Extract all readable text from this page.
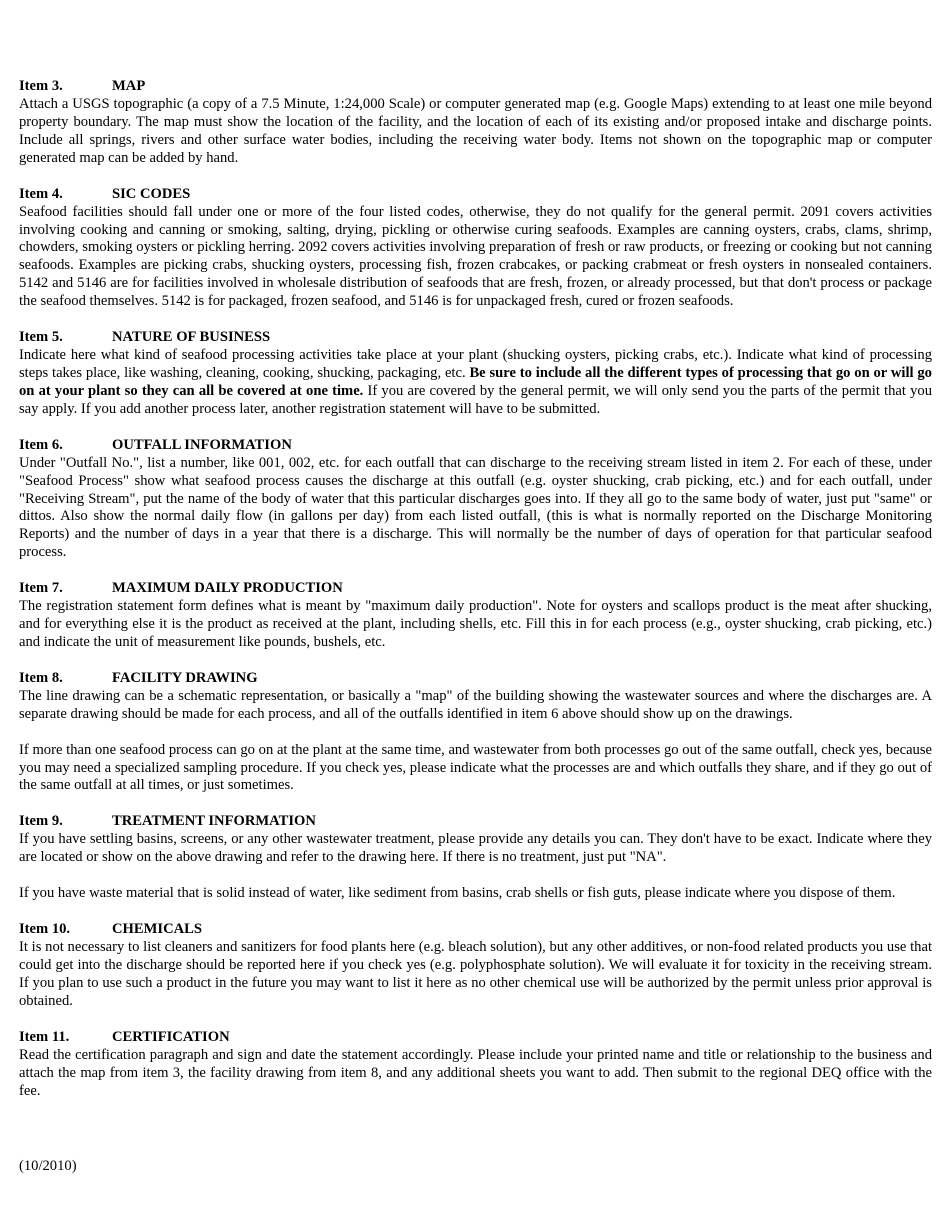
Item 3.	MAP

Attach a USGS topographic (a copy of a 7.5 Minute, 1:24,000 Scale) or computer generated map (e.g. Google Maps) extending to at least one mile beyond property boundary. The map must show the location of the facility, and the location of each of its existing and/or proposed intake and discharge points. Include all springs, rivers and other surface water bodies, including the receiving water body. Items not shown on the topographic map or computer generated map can be added by hand.

Item 4.	SIC CODES

Seafood facilities should fall under one or more of the four listed codes, otherwise, they do not qualify for the general permit. 2091 covers activities involving cooking and canning or smoking, salting, drying, pickling or otherwise curing seafoods. Examples are canning oysters, crabs, clams, shrimp, chowders, smoking oysters or pickling herring. 2092 covers activities involving preparation of fresh or raw products, or freezing or cooking but not canning seafoods. Examples are picking crabs, shucking oysters, processing fish, frozen crabcakes, or packing crabmeat or fresh oysters in nonsealed containers. 5142 and 5146 are for facilities involved in wholesale distribution of seafoods that are fresh, frozen, or already processed, but that don't process or package the seafood themselves. 5142 is for packaged, frozen seafood, and 5146 is for unpackaged fresh, cured or frozen seafoods.

Item 5.	NATURE OF BUSINESS

Indicate here what kind of seafood processing activities take place at your plant (shucking oysters, picking crabs, etc.). Indicate what kind of processing steps takes place, like washing, cleaning, cooking, shucking, packaging, etc. Be sure to include all the different types of processing that go on or will go on at your plant so they can all be covered at one time. If you are covered by the general permit, we will only send you the parts of the permit that you say apply. If you add another process later, another registration statement will have to be submitted.

Item 6.	OUTFALL INFORMATION

Under "Outfall No.", list a number, like 001, 002, etc. for each outfall that can discharge to the receiving stream listed in item 2. For each of these, under "Seafood Process" show what seafood process causes the discharge at this outfall (e.g. oyster shucking, crab picking, etc.) and for each outfall, under "Receiving Stream", put the name of the body of water that this particular discharges goes into. If they all go to the same body of water, just put "same" or dittos. Also show the normal daily flow (in gallons per day) from each listed outfall, (this is what is normally reported on the Discharge Monitoring Reports) and the number of days in a year that there is a discharge. This will normally be the number of days of operation for that particular seafood process.

Item 7.	MAXIMUM DAILY PRODUCTION

The registration statement form defines what is meant by "maximum daily production". Note for oysters and scallops product is the meat after shucking, and for everything else it is the product as received at the plant, including shells, etc. Fill this in for each process (e.g., oyster shucking, crab picking, etc.) and indicate the unit of measurement like pounds, bushels, etc.

Item 8.	FACILITY DRAWING

The line drawing can be a schematic representation, or basically a "map" of the building showing the wastewater sources and where the discharges are. A separate drawing should be made for each process, and all of the outfalls identified in item 6 above should show up on the drawings.

If more than one seafood process can go on at the plant at the same time, and wastewater from both processes go out of the same outfall, check yes, because you may need a specialized sampling procedure. If you check yes, please indicate what the processes are and which outfalls they share, and if they go out of the same outfall at all times, or just sometimes.

Item 9.	TREATMENT INFORMATION

If you have settling basins, screens, or any other wastewater treatment, please provide any details you can. They don't have to be exact. Indicate where they are located or show on the above drawing and refer to the drawing here. If there is no treatment, just put "NA".

If you have waste material that is solid instead of water, like sediment from basins, crab shells or fish guts, please indicate where you dispose of them.

Item 10.	CHEMICALS

It is not necessary to list cleaners and sanitizers for food plants here (e.g. bleach solution), but any other additives, or non-food related products you use that could get into the discharge should be reported here if you check yes (e.g. polyphosphate solution). We will evaluate it for toxicity in the receiving stream. If you plan to use such a product in the future you may want to list it here as no other chemical use will be authorized by the permit unless prior approval is obtained.

Item 11.	CERTIFICATION

Read the certification paragraph and sign and date the statement accordingly. Please include your printed name and title or relationship to the business and attach the map from item 3, the facility drawing from item 8, and any additional sheets you want to add. Then submit to the regional DEQ office with the fee.

(10/2010)
